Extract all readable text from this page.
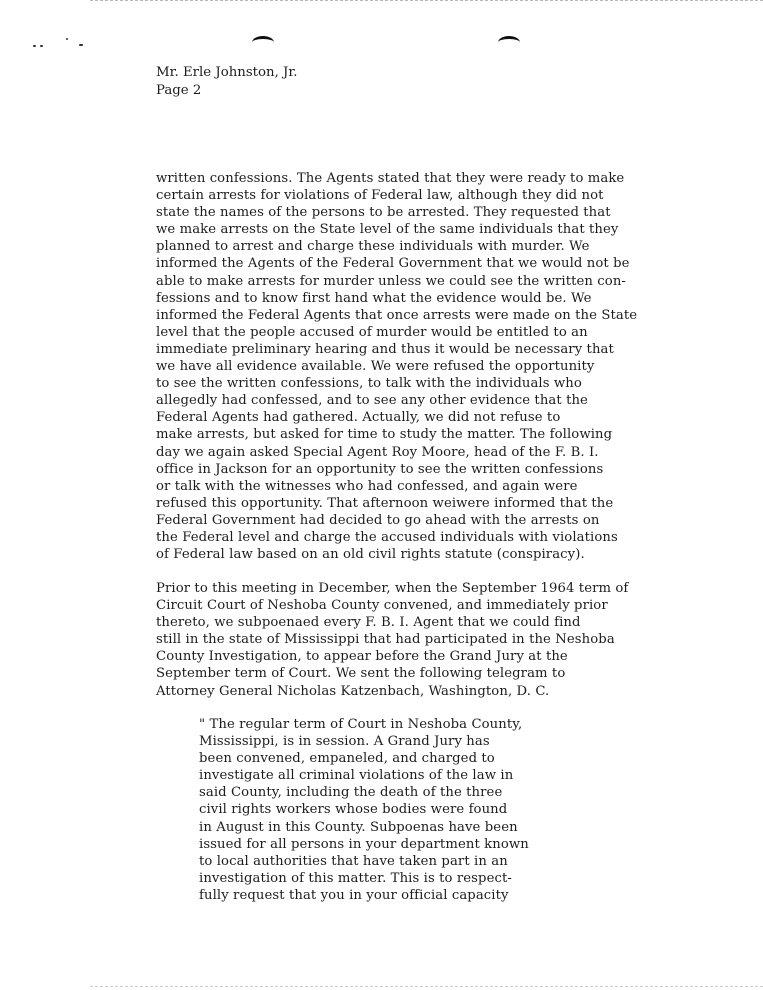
Mr. Erle Johnston, Jr.
Page 2
written confessions. The Agents stated that they were ready to make
certain arrests for violations of Federal law, although they did not
state the names of the persons to be arrested. They requested that
we make arrests on the State level of the same individuals that they
planned to arrest and charge these individuals with murder. We
informed the Agents of the Federal Government that we would not be
able to make arrests for murder unless we could see the written con-
fessions and to know first hand what the evidence would be. We
informed the Federal Agents that once arrests were made on the State
level that the people accused of murder would be entitled to an
immediate preliminary hearing and thus it would be necessary that
we have all evidence available. We were refused the opportunity
to see the written confessions, to talk with the individuals who
allegedly had confessed, and to see any other evidence that the
Federal Agents had gathered. Actually, we did not refuse to
make arrests, but asked for time to study the matter. The following
day we again asked Special Agent Roy Moore, head of the F. B. I.
office in Jackson for an opportunity to see the written confessions
or talk with the witnesses who had confessed, and again were
refused this opportunity. That afternoon weiwere informed that the
Federal Government had decided to go ahead with the arrests on
the Federal level and charge the accused individuals with violations
of Federal law based on an old civil rights statute (conspiracy).
Prior to this meeting in December, when the September 1964 term of
Circuit Court of Neshoba County convened, and immediately prior
thereto, we subpoenaed every F. B. I. Agent that we could find
still in the state of Mississippi that had participated in the Neshoba
County Investigation, to appear before the Grand Jury at the
September term of Court. We sent the following telegram to
Attorney General Nicholas Katzenbach, Washington, D. C.
" The regular term of Court in Neshoba County,
Mississippi, is in session. A Grand Jury has
been convened, empaneled, and charged to
investigate all criminal violations of the law in
said County, including the death of the three
civil rights workers whose bodies were found
in August in this County. Subpoenas have been
issued for all persons in your department known
to local authorities that have taken part in an
investigation of this matter. This is to respect-
fully request that you in your official capacity
